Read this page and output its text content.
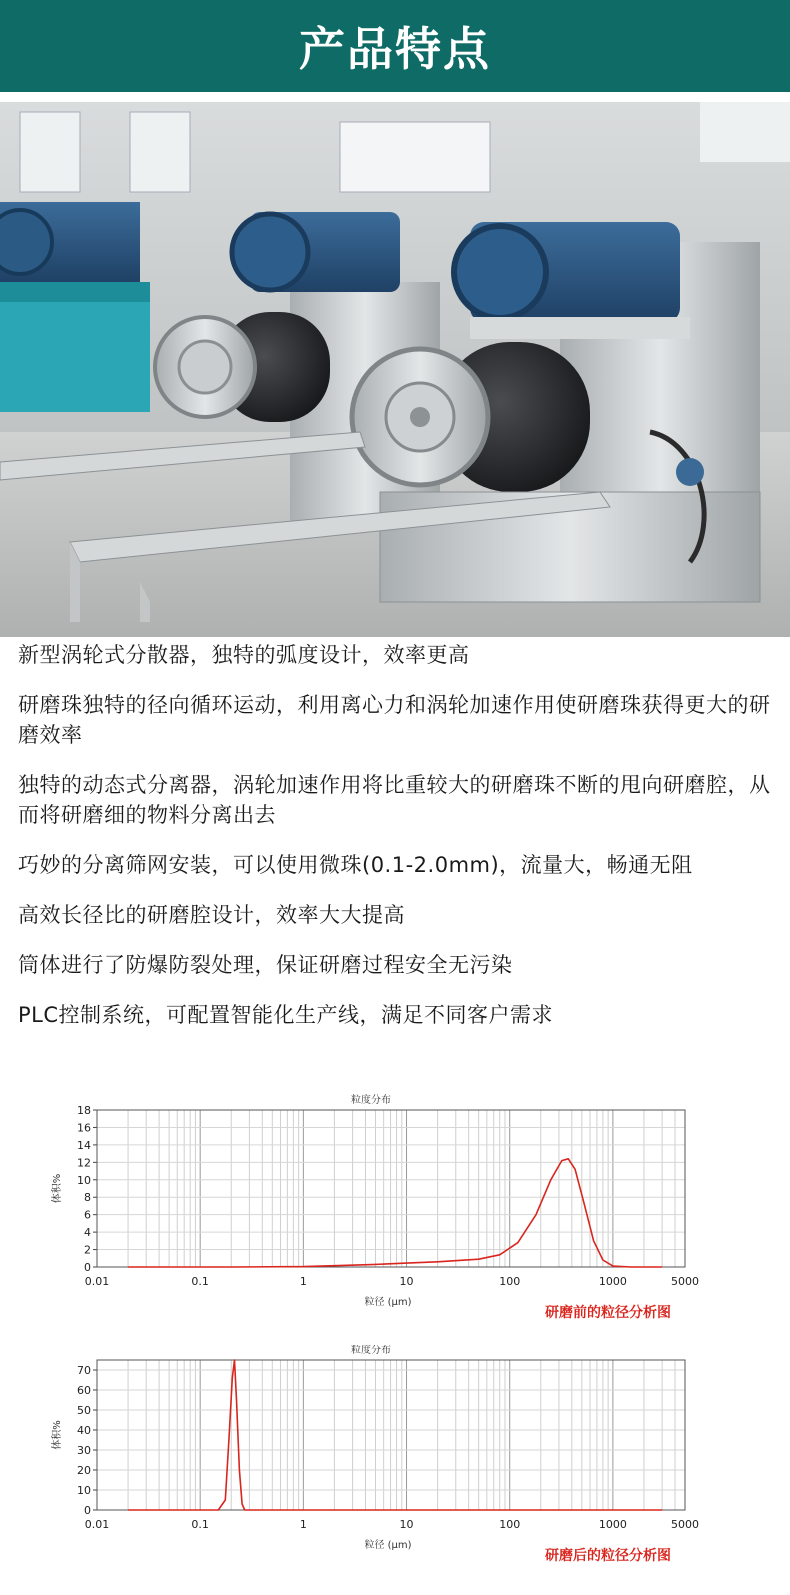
产品特点

新型涡轮式分散器，独特的弧度设计，效率更高

研磨珠独特的径向循环运动，利用离心力和涡轮加速作用使研磨珠获得更大的研磨效率

独特的动态式分离器，涡轮加速作用将比重较大的研磨珠不断的甩向研磨腔，从而将研磨细的物料分离出去

巧妙的分离筛网安装，可以使用微珠(0.1-2.0mm)，流量大，畅通无阻

高效长径比的研磨腔设计，效率大大提高

筒体进行了防爆防裂处理，保证研磨过程安全无污染

PLC控制系统，可配置智能化生产线，满足不同客户需求

0
2
4
6
8
10
12
14
16
18
0.01	0.1	1	10	100	1000	5000
粒度分布
粒径 (μm)
体积%
研磨前的粒径分析图
0
10
20
30
40
50
60
70
0.01	0.1	1	10	100	1000	5000
粒度分布
粒径 (μm)
体积%
研磨后的粒径分析图
